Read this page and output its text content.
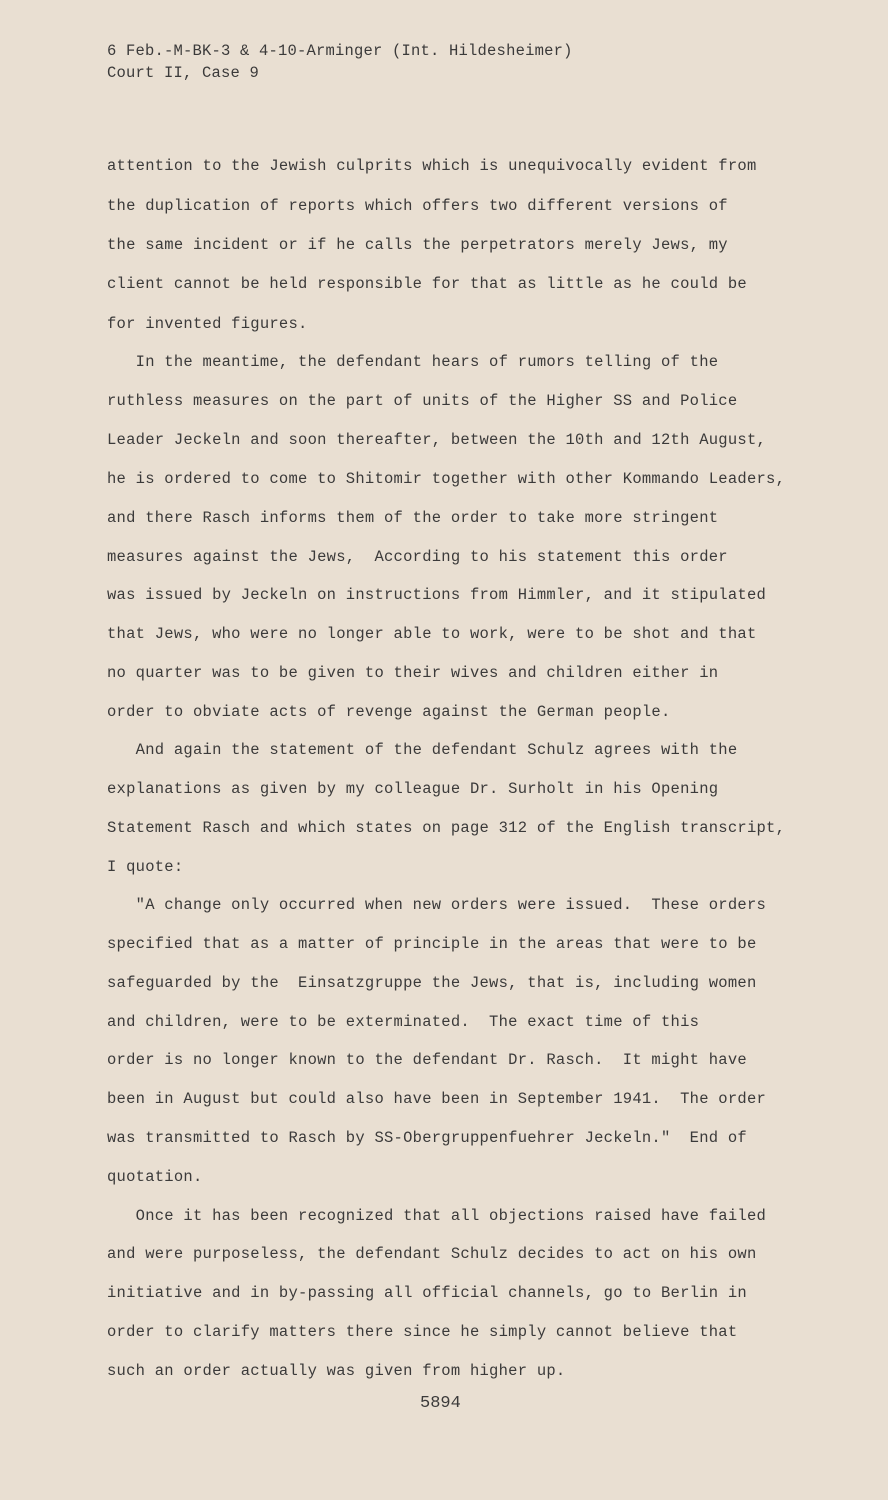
6 Feb.-M-BK-3 & 4-10-Arminger (Int. Hildesheimer)
Court II, Case 9
attention to the Jewish culprits which is unequivocally evident from
the duplication of reports which offers two different versions of
the same incident or if he calls the perpetrators merely Jews, my
client cannot be held responsible for that as little as he could be
for invented figures.
In the meantime, the defendant hears of rumors telling of the
ruthless measures on the part of units of the Higher SS and Police
Leader Jeckeln and soon thereafter, between the 10th and 12th August,
he is ordered to come to Shitomir together with other Kommando Leaders,
and there Rasch informs them of the order to take more stringent
measures against the Jews,  According to his statement this order
was issued by Jeckeln on instructions from Himmler, and it stipulated
that Jews, who were no longer able to work, were to be shot and that
no quarter was to be given to their wives and children either in
order to obviate acts of revenge against the German people.
And again the statement of the defendant Schulz agrees with the
explanations as given by my colleague Dr. Surholt in his Opening
Statement Rasch and which states on page 312 of the English transcript,
I quote:
"A change only occurred when new orders were issued.  These orders
specified that as a matter of principle in the areas that were to be
safeguarded by the  Einsatzgruppe the Jews, that is, including women
and children, were to be exterminated.  The exact time of this
order is no longer known to the defendant Dr. Rasch.  It might have
been in August but could also have been in September 1941.  The order
was transmitted to Rasch by SS-Obergruppenfuehrer Jeckeln."  End of
quotation.
Once it has been recognized that all objections raised have failed
and were purposeless, the defendant Schulz decides to act on his own
initiative and in by-passing all official channels, go to Berlin in
order to clarify matters there since he simply cannot believe that
such an order actually was given from higher up.
5894
